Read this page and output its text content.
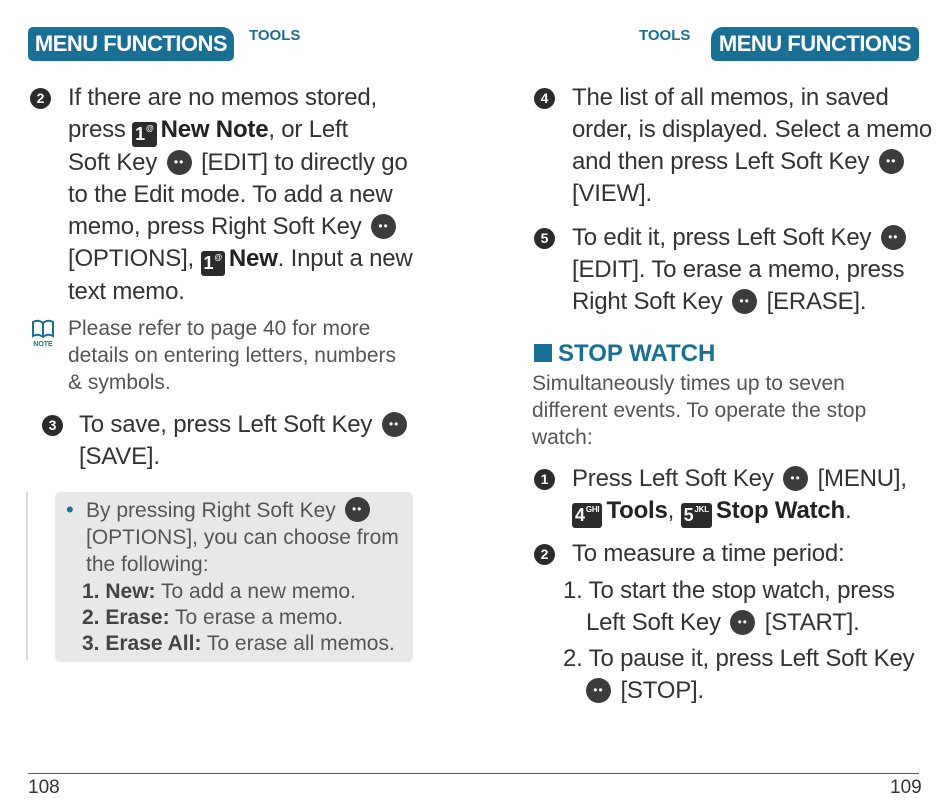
MENU FUNCTIONS	TOOLS
2 If there are no memos stored,
press 1@ New Note, or Left
Soft Key •• [EDIT] to directly go
to the Edit mode. To add a new
memo, press Right Soft Key ••
[OPTIONS], 1@ New. Input a new
text memo.
NOTE
Please refer to page 40 for more details on entering letters, numbers & symbols.
3 To save, press Left Soft Key ••
[SAVE].
• By pressing Right Soft Key ••
[OPTIONS], you can choose from
the following:
1. New: To add a new memo.
2. Erase: To erase a memo.
3. Erase All: To erase all memos.
108
TOOLS	MENU FUNCTIONS
4 The list of all memos, in saved
order, is displayed. Select a memo
and then press Left Soft Key ••
[VIEW].
5 To edit it, press Left Soft Key ••
[EDIT]. To erase a memo, press
Right Soft Key •• [ERASE].
STOP WATCH
Simultaneously times up to seven different events. To operate the stop watch:
1 Press Left Soft Key •• [MENU],
$4^{GHI}$ Tools, $5^{JKL}$ Stop Watch.
2 To measure a time period:
1. To start the stop watch, press
Left Soft Key •• [START].
2. To pause it, press Left Soft Key
•• [STOP].
109
